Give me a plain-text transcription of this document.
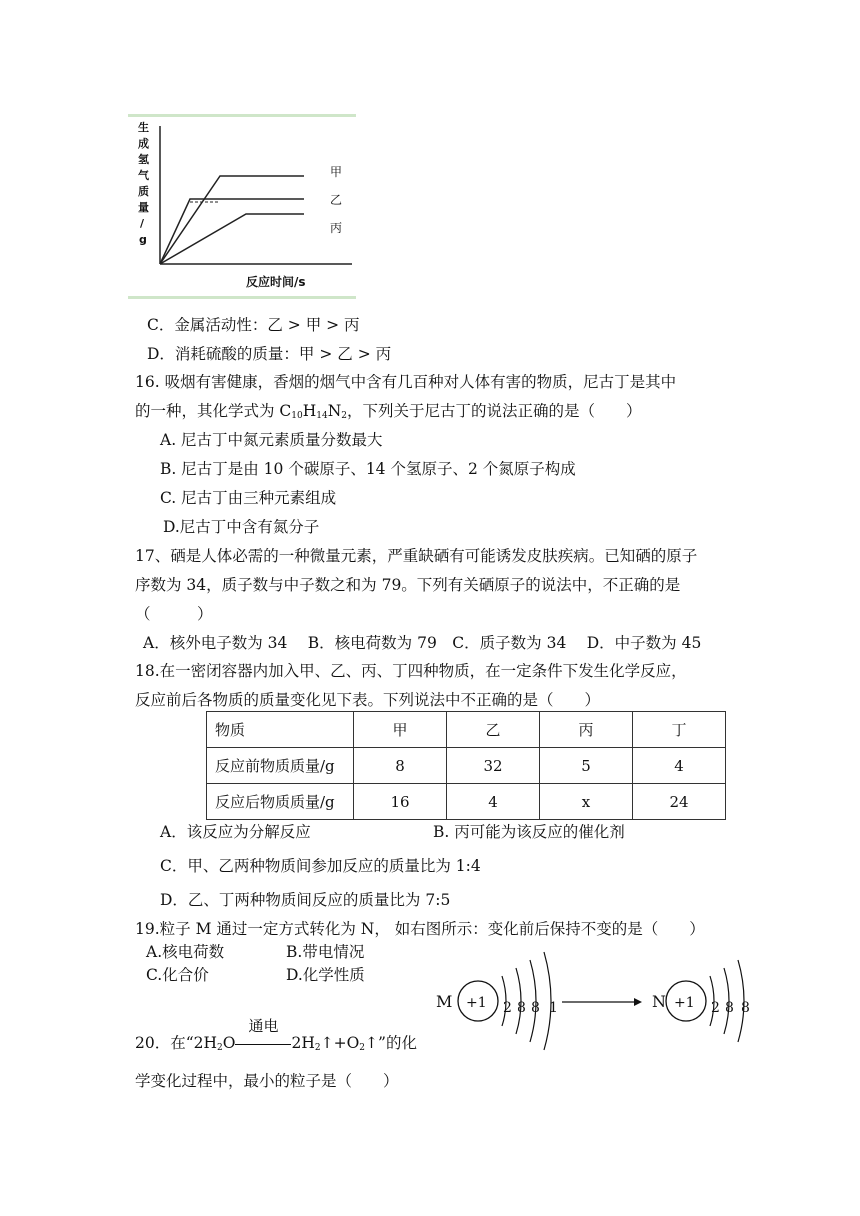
生
成
氢
气
质
量
/
g
反应时间/s
甲
乙
丙
C．金属活动性：乙 > 甲 > 丙
D．消耗硫酸的质量：甲 > 乙 > 丙
16. 吸烟有害健康，香烟的烟气中含有几百种对人体有害的物质，尼古丁是其中
的一种，其化学式为 $C_{10}H_{14}N_2$，下列关于尼古丁的说法正确的是（　　）
A. 尼古丁中氮元素质量分数最大
B. 尼古丁是由 10 个碳原子、14 个氢原子、2 个氮原子构成
C. 尼古丁由三种元素组成
D.尼古丁中含有氮分子
17、硒是人体必需的一种微量元素，严重缺硒有可能诱发皮肤疾病。已知硒的原子
序数为 34，质子数与中子数之和为 79。下列有关硒原子的说法中，不正确的是
（　　　）
A．核外电子数为 34　 B．核电荷数为 79　C．质子数为 34　 D．中子数为 45
18.在一密闭容器内加入甲、乙、丙、丁四种物质，在一定条件下发生化学反应，
反应前后各物质的质量变化见下表。下列说法中不正确的是（　　）
物质	甲	乙	丙	丁
反应前物质质量/g	8	32	5	4
反应后物质质量/g	16	4	x	24
A．该反应为分解反应	B. 丙可能为该反应的催化剂
C．甲、乙两种物质间参加反应的质量比为 1:4
D．乙、丁两种物质间反应的质量比为 7:5
19.粒子 M 通过一定方式转化为 N， 如右图所示：变化前后保持不变的是（　　）
A.核电荷数	B.带电情况
C.化合价	D.化学性质
M +1 2 8 8 1	N +1 2 8 8
20．在“$2H_2O$
通电
$2H_2↑+O_2↑$”的化
学变化过程中，最小的粒子是（　　）
